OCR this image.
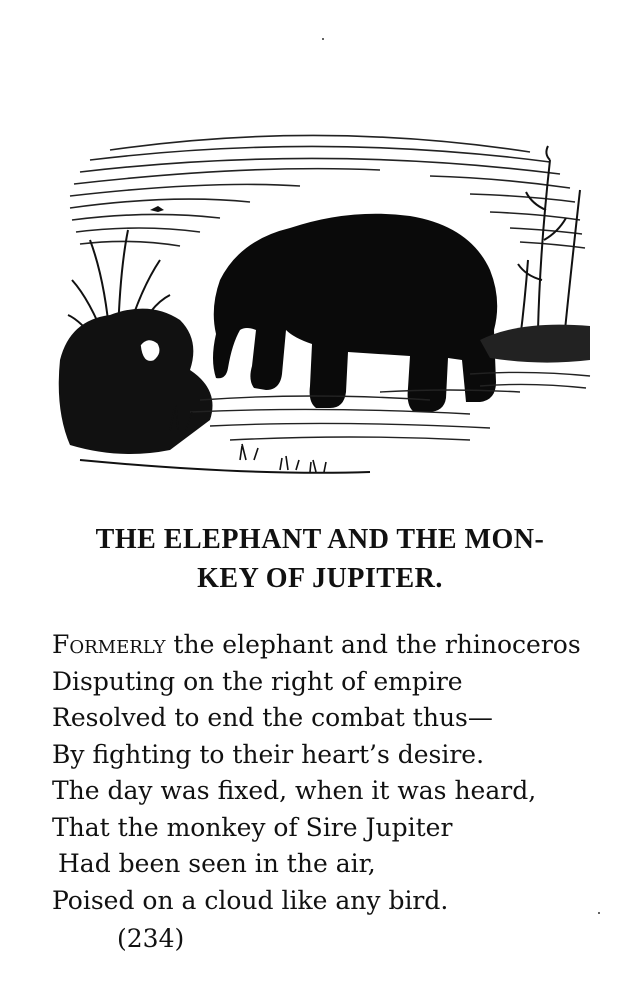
THE ELEPHANT AND THE MON-
KEY OF JUPITER.
Formerly the elephant and the rhinoceros
Disputing on the right of empire
Resolved to end the combat thus—
By fighting to their heart’s desire.
The day was fixed, when it was heard,
That the monkey of Sire Jupiter
Had been seen in the air,
Poised on a cloud like any bird.
(234)
